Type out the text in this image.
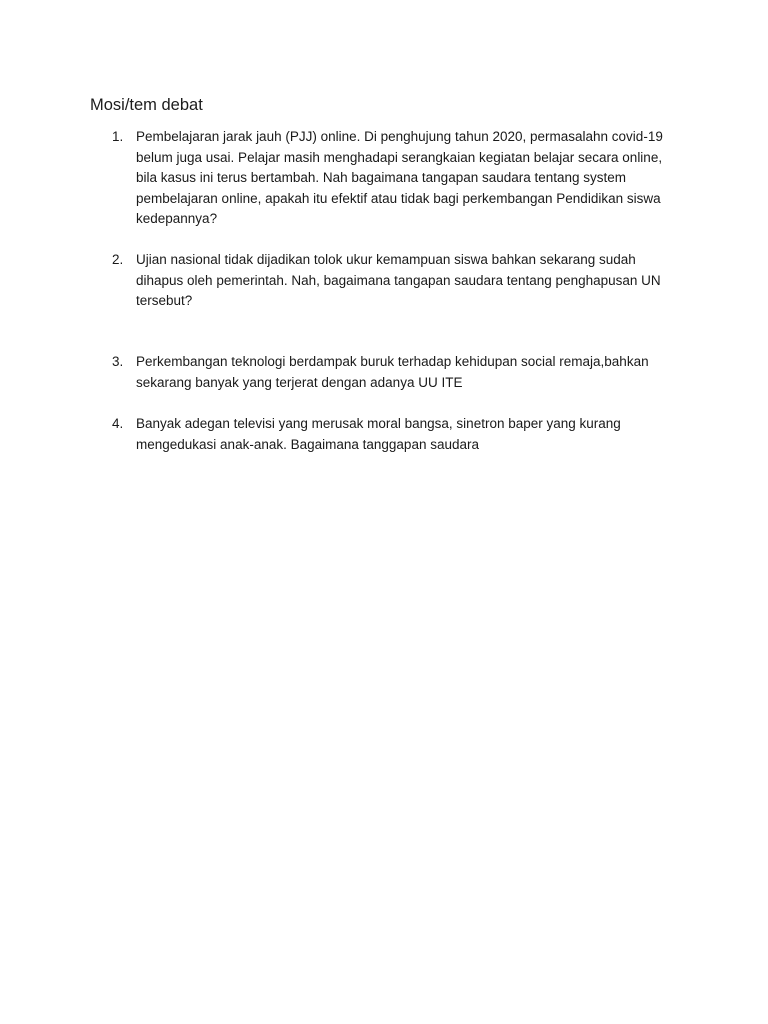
Mosi/tem debat
1. Pembelajaran jarak jauh (PJJ) online. Di penghujung tahun 2020, permasalahn covid-19 belum juga usai. Pelajar masih menghadapi serangkaian kegiatan belajar secara online, bila kasus ini terus bertambah. Nah bagaimana tangapan saudara tentang system pembelajaran online, apakah itu efektif atau tidak bagi perkembangan Pendidikan siswa kedepannya?

2. Ujian nasional tidak dijadikan tolok ukur kemampuan siswa bahkan sekarang sudah dihapus oleh pemerintah. Nah, bagaimana tangapan saudara tentang penghapusan UN tersebut?

3. Perkembangan teknologi berdampak buruk terhadap kehidupan social remaja,bahkan sekarang banyak yang terjerat dengan adanya UU ITE

4. Banyak adegan televisi yang merusak moral bangsa, sinetron baper yang kurang mengedukasi anak-anak. Bagaimana tanggapan saudara
